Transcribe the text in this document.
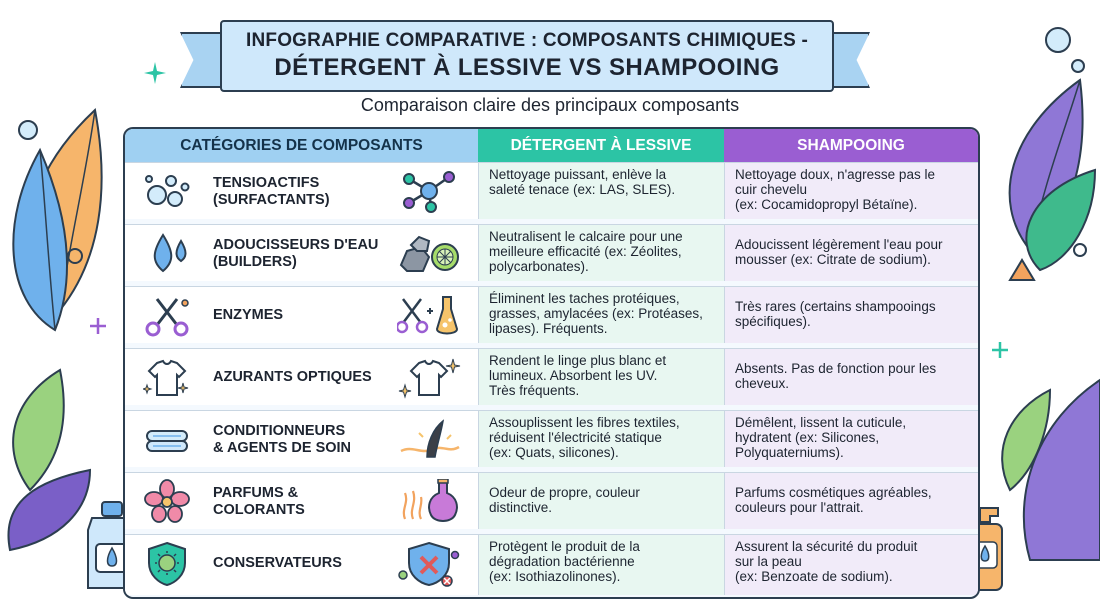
INFOGRAPHIE COMPARATIVE : COMPOSANTS CHIMIQUES -
DÉTERGENT À LESSIVE VS SHAMPOOING
Comparaison claire des principaux composants
CATÉGORIES DE COMPOSANTS	DÉTERGENT À LESSIVE	SHAMPOOING
TENSIOACTIFS
(SURFACTANTS)
Nettoyage puissant, enlève la
saleté tenace (ex: LAS, SLES).
Nettoyage doux, n'agresse pas le
cuir chevelu
(ex: Cocamidopropyl Bétaïne).
ADOUCISSEURS D'EAU
(BUILDERS)
Neutralisent le calcaire pour une
meilleure efficacité (ex: Zéolites,
polycarbonates).
Adoucissent légèrement l'eau pour
mousser (ex: Citrate de sodium).
ENZYMES
Éliminent les taches protéiques,
grasses, amylacées (ex: Protéases,
lipases). Fréquents.
Très rares (certains shampooings
spécifiques).
AZURANTS OPTIQUES
Rendent le linge plus blanc et
lumineux. Absorbent les UV.
Très fréquents.
Absents. Pas de fonction pour les
cheveux.
CONDITIONNEURS
& AGENTS DE SOIN
Assouplissent les fibres textiles,
réduisent l'électricité statique
(ex: Quats, silicones).
Démêlent, lissent la cuticule,
hydratent (ex: Silicones,
Polyquaterniums).
PARFUMS &
COLORANTS
Odeur de propre, couleur
distinctive.
Parfums cosmétiques agréables,
couleurs pour l'attrait.
CONSERVATEURS
Protègent le produit de la
dégradation bactérienne
(ex: Isothiazolinones).
Assurent la sécurité du produit
sur la peau
(ex: Benzoate de sodium).
